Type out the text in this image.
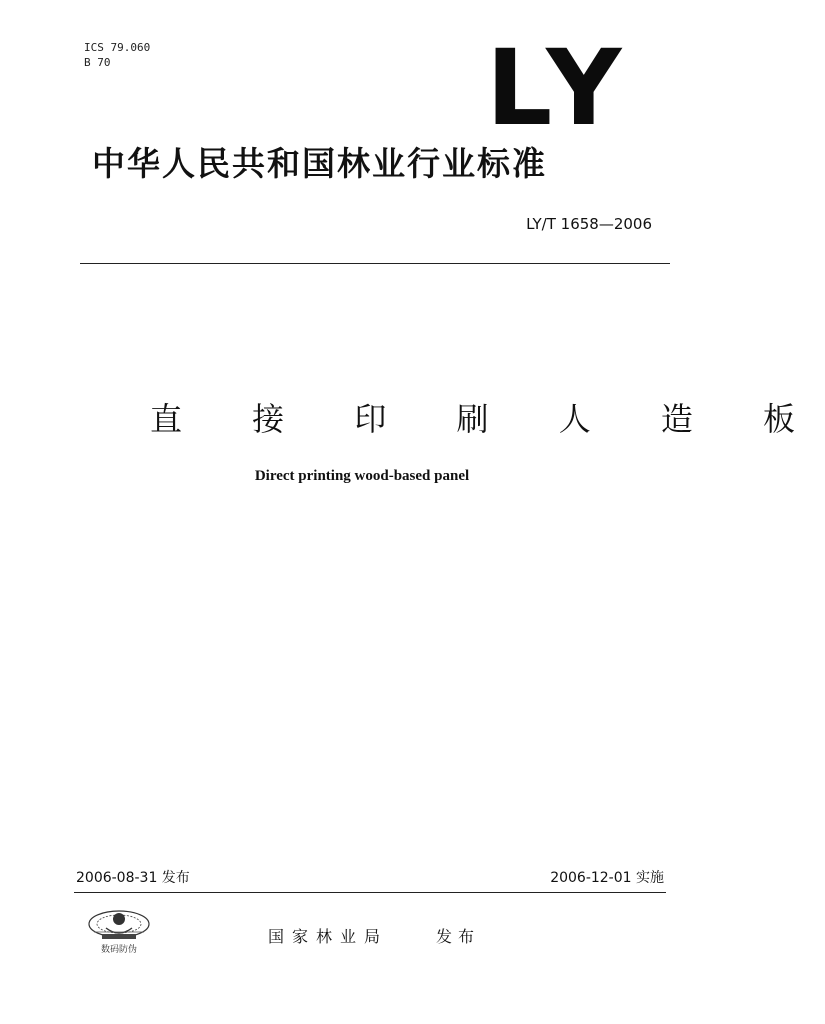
ICS 79.060
B 70	LY
中华人民共和国林业行业标准
LY/T 1658—2006
直 接 印 刷 人 造 板
Direct printing wood-based panel
2006-08-31 发布	2006-12-01 实施
数码防伪
国家林业局	发布
